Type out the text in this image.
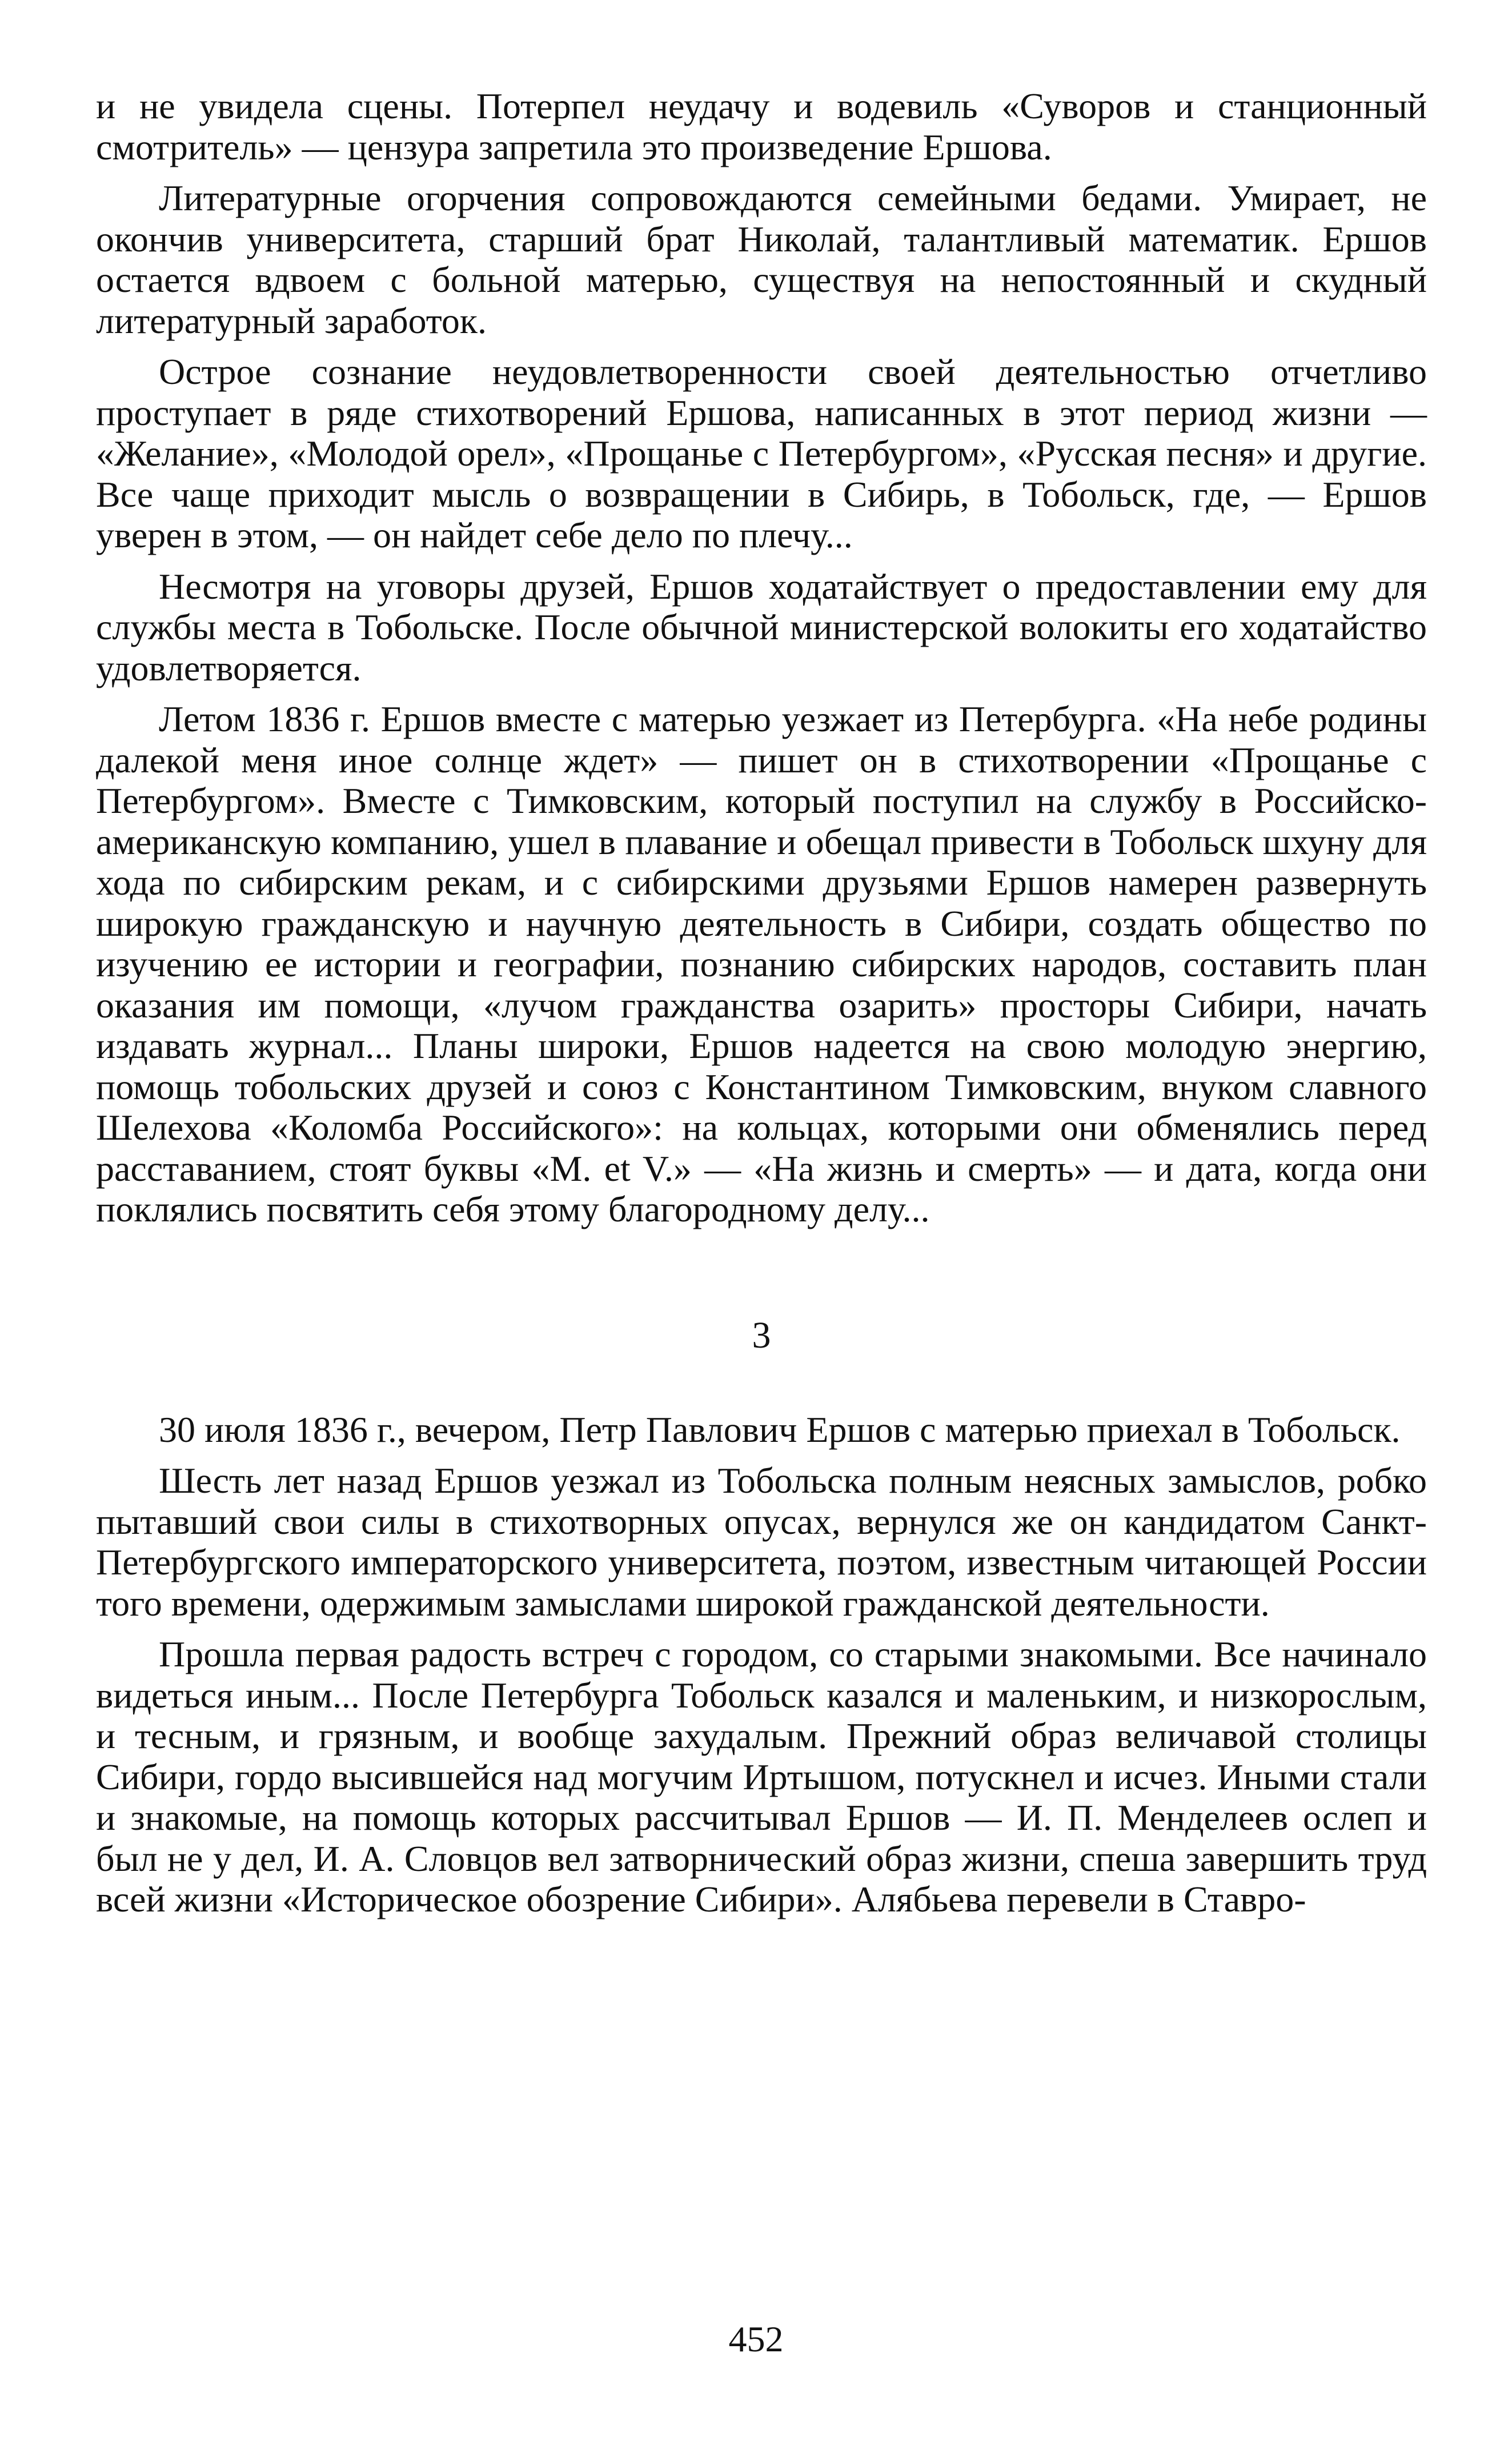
и не увидела сцены. Потерпел неудачу и водевиль «Суворов и станционный смотритель» — цензура запретила это произведение Ершова.

Литературные огорчения сопровождаются семейными бедами. Умирает, не окончив университета, старший брат Николай, талантливый математик. Ершов остается вдвоем с больной матерью, существуя на непостоянный и скудный литературный заработок.

Острое сознание неудовлетворенности своей деятельностью отчетливо проступает в ряде стихотворений Ершова, написанных в этот период жизни — «Желание», «Молодой орел», «Прощанье с Петербургом», «Русская песня» и другие. Все чаще приходит мысль о возвращении в Сибирь, в Тобольск, где, — Ершов уверен в этом, — он найдет себе дело по плечу...

Несмотря на уговоры друзей, Ершов ходатайствует о предоставлении ему для службы места в Тобольске. После обычной министерской волокиты его ходатайство удовлетворяется.

Летом 1836 г. Ершов вместе с матерью уезжает из Петербурга. «На небе родины далекой меня иное солнце ждет» — пишет он в стихотворении «Прощанье с Петербургом». Вместе с Тимковским, который поступил на службу в Российско-американскую компанию, ушел в плавание и обещал привести в Тобольск шхуну для хода по сибирским рекам, и с сибирскими друзьями Ершов намерен развернуть широкую гражданскую и научную деятельность в Сибири, создать общество по изучению ее истории и географии, познанию сибирских народов, составить план оказания им помощи, «лучом гражданства озарить» просторы Сибири, начать издавать журнал... Планы широки, Ершов надеется на свою молодую энергию, помощь тобольских друзей и союз с Константином Тимковским, внуком славного Шелехова «Коломба Российского»: на кольцах, которыми они обменялись перед расставанием, стоят буквы «M. et V.» — «На жизнь и смерть» — и дата, когда они поклялись посвятить себя этому благородному делу...

3

30 июля 1836 г., вечером, Петр Павлович Ершов с матерью приехал в Тобольск.

Шесть лет назад Ершов уезжал из Тобольска полным неясных замыслов, робко пытавший свои силы в стихотворных опусах, вернулся же он кандидатом Санкт-Петербургского императорского университета, поэтом, известным читающей России того времени, одержимым замыслами широкой гражданской деятельности.

Прошла первая радость встреч с городом, со старыми знакомыми. Все начинало видеться иным... После Петербурга Тобольск казался и маленьким, и низкорослым, и тесным, и грязным, и вообще захудалым. Прежний образ величавой столицы Сибири, гордо высившейся над могучим Иртышом, потускнел и исчез. Иными стали и знакомые, на помощь которых рассчитывал Ершов — И. П. Менделеев ослеп и был не у дел, И. А. Словцов вел затворнический образ жизни, спеша завершить труд всей жизни «Историческое обозрение Сибири». Алябьева перевели в Ставро-

452
